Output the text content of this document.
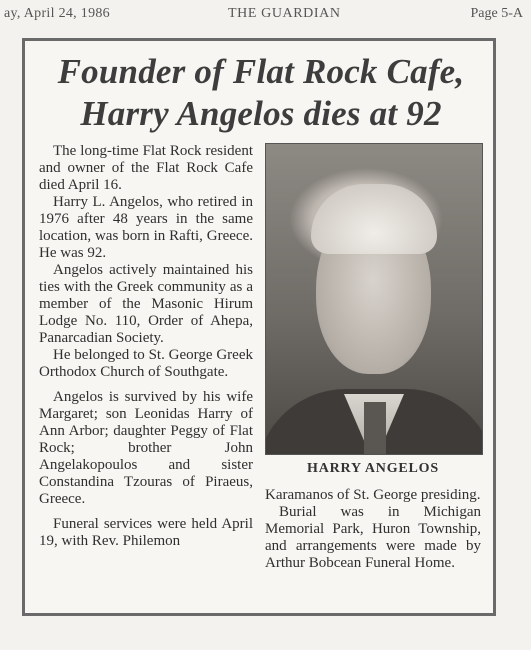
ay, April 24, 1986	THE GUARDIAN	Page 5-A
Founder of Flat Rock Cafe,
Harry Angelos dies at 92

The long-time Flat Rock resident and owner of the Flat Rock Cafe died April 16.

Harry L. Angelos, who retired in 1976 after 48 years in the same location, was born in Rafti, Greece. He was 92.

Angelos actively maintained his ties with the Greek community as a member of the Masonic Hirum Lodge No. 110, Order of Ahepa, Panarcadian Society.

He belonged to St. George Greek Orthodox Church of Southgate.

Angelos is survived by his wife Margaret; son Leonidas Harry of Ann Arbor; daughter Peggy of Flat Rock; brother John Angelakopoulos and sister Constandina Tzouras of Piraeus, Greece.

Funeral services were held April 19, with Rev. Philemon

HARRY ANGELOS

Karamanos of St. George presiding.

Burial was in Michigan Memorial Park, Huron Township, and arrangements were made by Arthur Bobcean Funeral Home.
